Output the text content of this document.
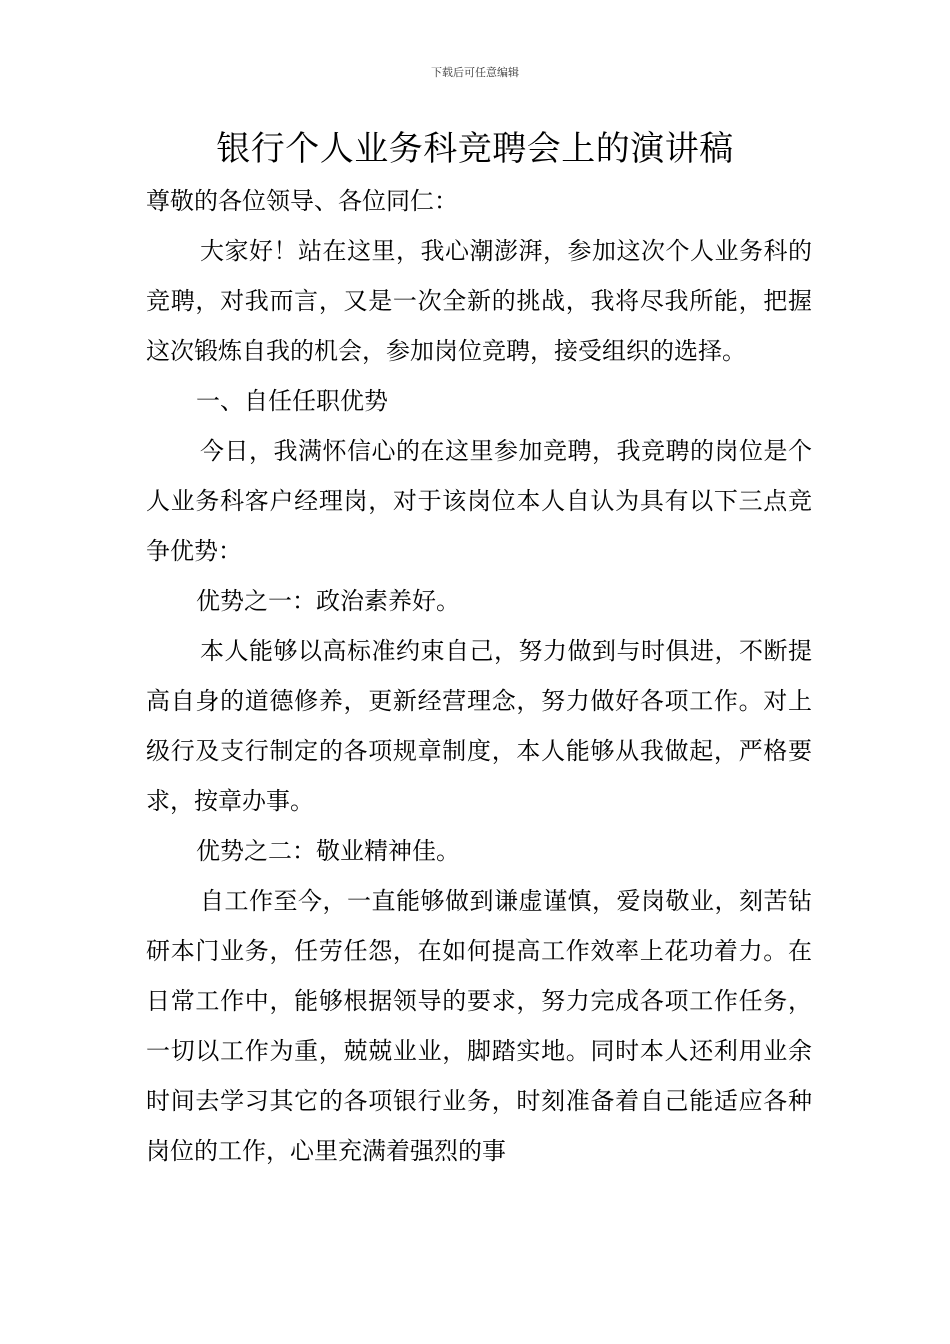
下载后可任意编辑
银行个人业务科竞聘会上的演讲稿

尊敬的各位领导、各位同仁：

大家好！站在这里，我心潮澎湃，参加这次个人业务科的竞聘，对我而言，又是一次全新的挑战，我将尽我所能，把握这次锻炼自我的机会，参加岗位竞聘，接受组织的选择。

一、自任任职优势

今日，我满怀信心的在这里参加竞聘，我竞聘的岗位是个人业务科客户经理岗，对于该岗位本人自认为具有以下三点竞争优势：

优势之一：政治素养好。

本人能够以高标准约束自己，努力做到与时俱进，不断提高自身的道德修养，更新经营理念，努力做好各项工作。对上级行及支行制定的各项规章制度，本人能够从我做起，严格要求，按章办事。

优势之二：敬业精神佳。

自工作至今，一直能够做到谦虚谨慎，爱岗敬业，刻苦钻研本门业务，任劳任怨，在如何提高工作效率上花功着力。在日常工作中，能够根据领导的要求，努力完成各项工作任务，一切以工作为重，兢兢业业，脚踏实地。同时本人还利用业余时间去学习其它的各项银行业务，时刻准备着自己能适应各种岗位的工作，心里充满着强烈的事
